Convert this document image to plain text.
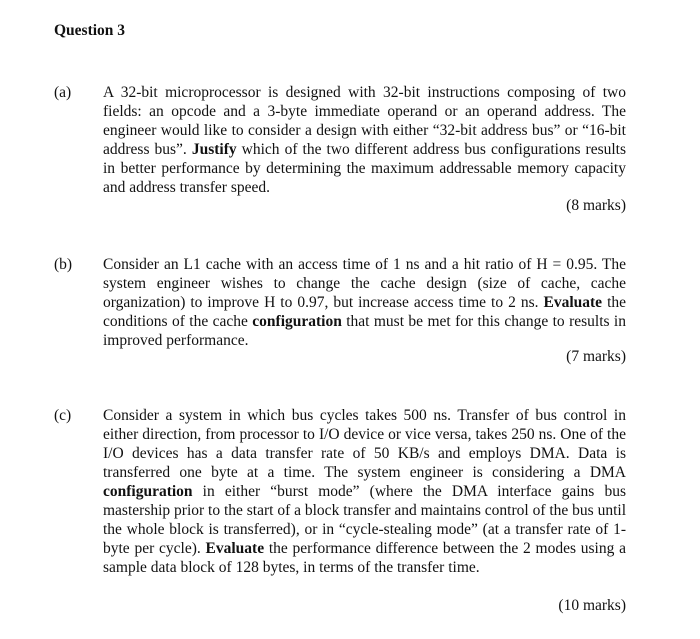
Question 3
(a) A 32-bit microprocessor is designed with 32-bit instructions composing of two fields: an opcode and a 3-byte immediate operand or an operand address. The engineer would like to consider a design with either “32-bit address bus” or “16-bit address bus”. Justify which of the two different address bus configurations results in better performance by determining the maximum addressable memory capacity and address transfer speed.

(8 marks)
(b) Consider an L1 cache with an access time of 1 ns and a hit ratio of H = 0.95. The system engineer wishes to change the cache design (size of cache, cache organization) to improve H to 0.97, but increase access time to 2 ns. Evaluate the conditions of the cache configuration that must be met for this change to results in improved performance.

(7 marks)
(c) Consider a system in which bus cycles takes 500 ns. Transfer of bus control in either direction, from processor to I/O device or vice versa, takes 250 ns. One of the I/O devices has a data transfer rate of 50 KB/s and employs DMA. Data is transferred one byte at a time. The system engineer is considering a DMA configuration in either “burst mode” (where the DMA interface gains bus mastership prior to the start of a block transfer and maintains control of the bus until the whole block is transferred), or in “cycle-stealing mode” (at a transfer rate of 1-byte per cycle). Evaluate the performance difference between the 2 modes using a sample data block of 128 bytes, in terms of the transfer time.

(10 marks)
